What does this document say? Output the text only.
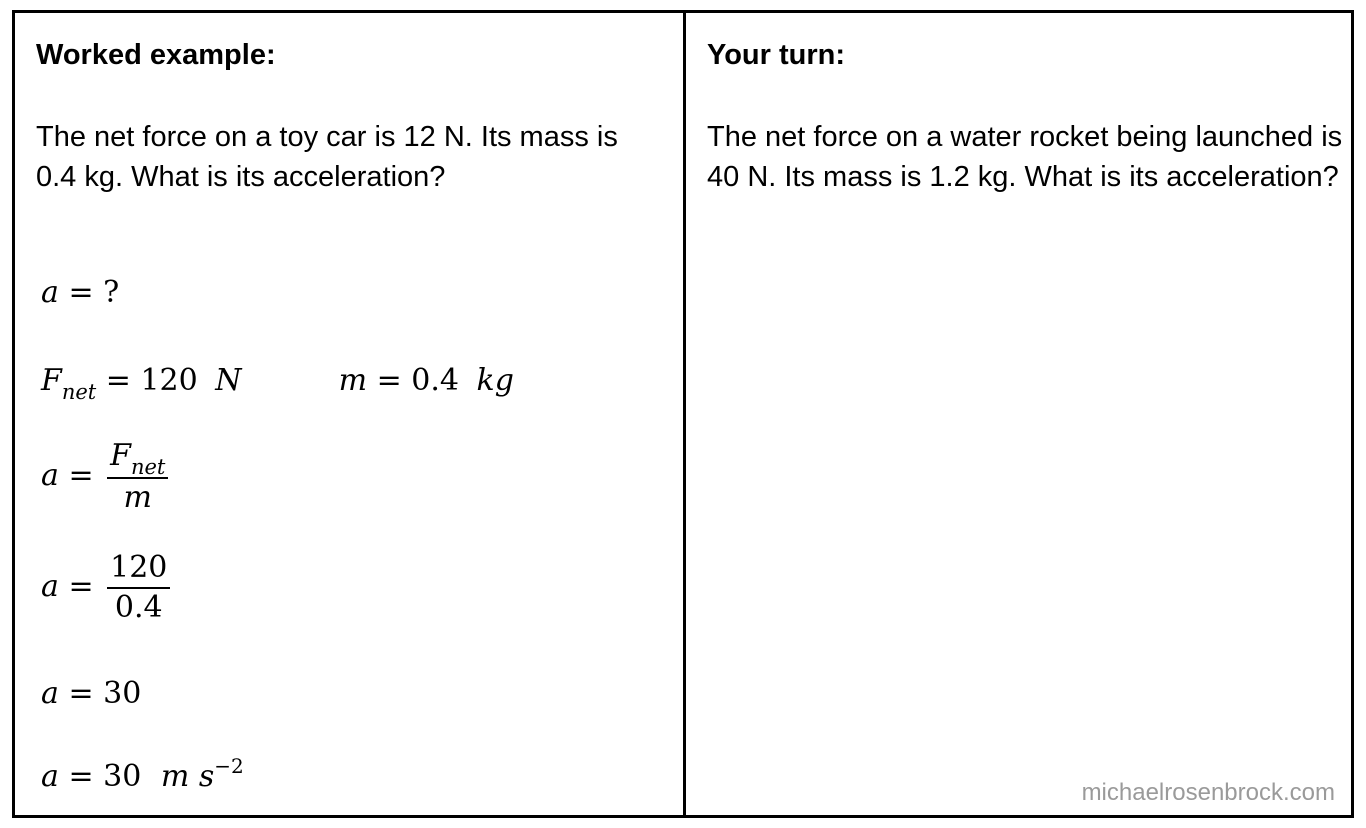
Worked example:

The net force on a toy car is 12 N. Its mass is 0.4 kg. What is its acceleration?

a = ?
$F_{net} = 120$ N	m = 0.4 kg
$a = \frac{F_{net}}{m}$
$a = \frac{120}{0.4}$
a = 30
a = 30 m $s^{-2}$
Your turn:

The net force on a water rocket being launched is 40 N. Its mass is 1.2 kg. What is its acceleration?

michaelrosenbrock.com
